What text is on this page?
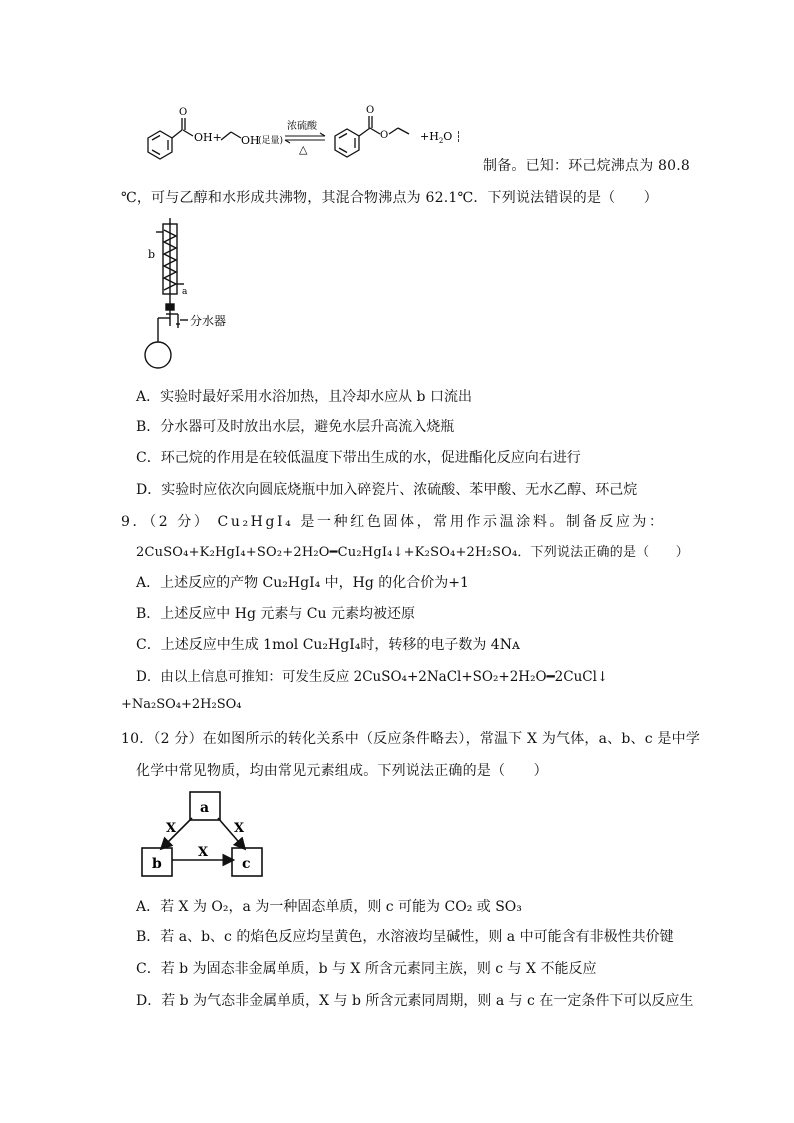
O
OH+ OH
(足量)
浓硫酸
△
O
O	$+H_2O$ ┆
制备。已知：环己烷沸点为 80.8
℃，可与乙醇和水形成共沸物，其混合物沸点为 62.1℃．下列说法错误的是（　　）
b
a
分水器
A．实验时最好采用水浴加热，且冷却水应从 b 口流出
B．分水器可及时放出水层，避免水层升高流入烧瓶
C．环己烷的作用是在较低温度下带出生成的水，促进酯化反应向右进行
D．实验时应依次向圆底烧瓶中加入碎瓷片、浓硫酸、苯甲酸、无水乙醇、环己烷
9．（2 分） Cu₂HgI₄ 是一种红色固体，常用作示温涂料。制备反应为：
2CuSO₄+K₂HgI₄+SO₂+2H₂O━Cu₂HgI₄↓+K₂SO₄+2H₂SO₄．下列说法正确的是（　　）
A．上述反应的产物 Cu₂HgI₄ 中，Hg 的化合价为+1
B．上述反应中 Hg 元素与 Cu 元素均被还原
C．上述反应中生成 1mol Cu₂HgI₄时，转移的电子数为 4Nᴀ
D．由以上信息可推知：可发生反应 2CuSO₄+2NaCl+SO₂+2H₂O━2CuCl↓
+Na₂SO₄+2H₂SO₄
10．（2 分）在如图所示的转化关系中（反应条件略去），常温下 X 为气体，a、b、c 是中学
化学中常见物质，均由常见元素组成。下列说法正确的是（　　）
a
b	c
X	X
X
A．若 X 为 O₂，a 为一种固态单质，则 c 可能为 CO₂ 或 SO₃
B．若 a、b、c 的焰色反应均呈黄色，水溶液均呈碱性，则 a 中可能含有非极性共价键
C．若 b 为固态非金属单质，b 与 X 所含元素同主族，则 c 与 X 不能反应
D．若 b 为气态非金属单质，X 与 b 所含元素同周期，则 a 与 c 在一定条件下可以反应生
